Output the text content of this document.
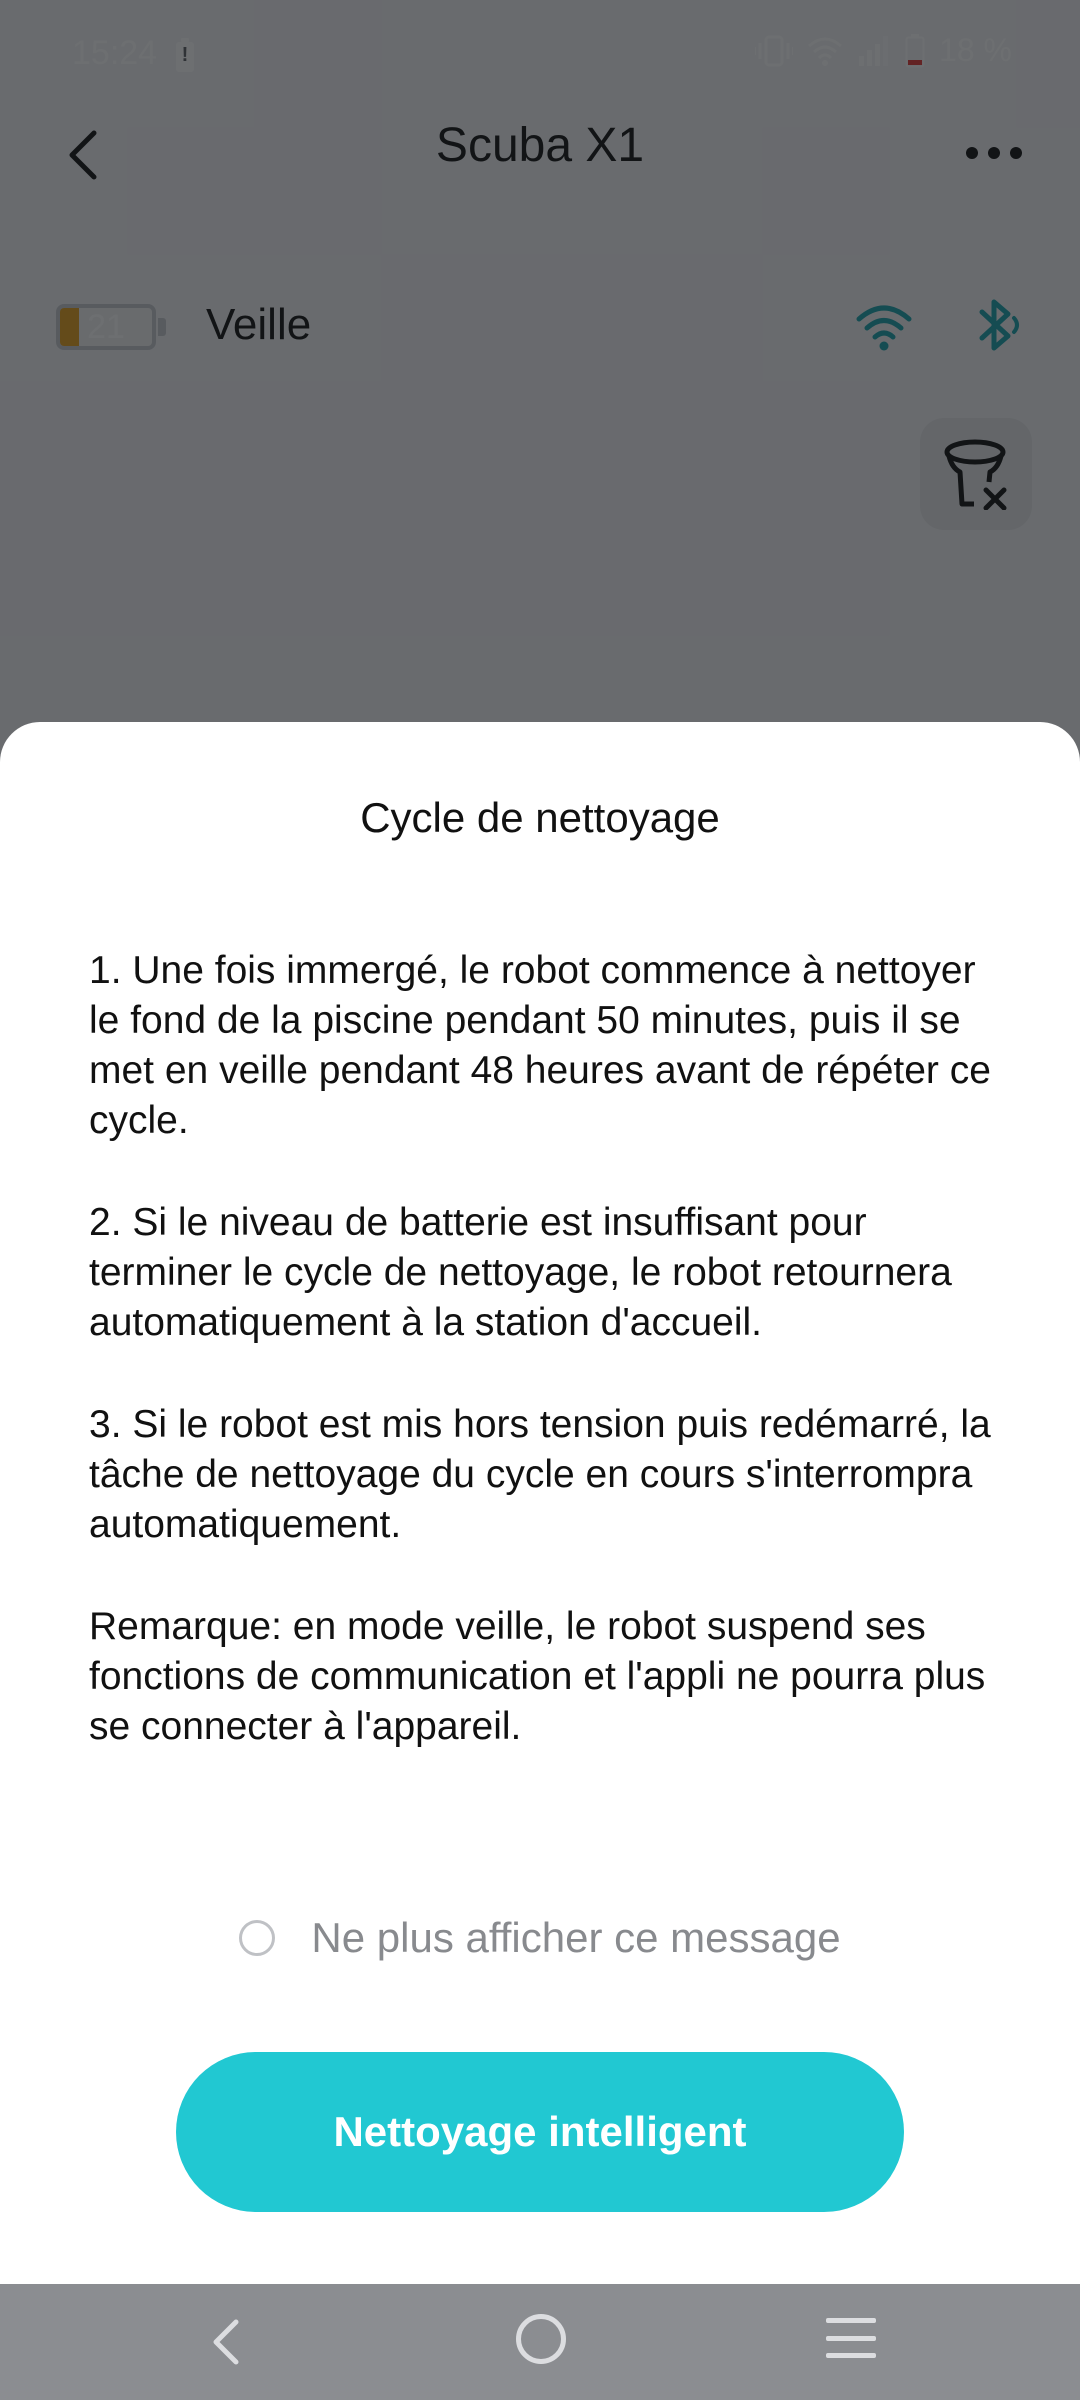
!
Cycle de nettoyage

1. Une fois immergé, le robot commence à nettoyer le fond de la piscine pendant 50 minutes, puis il se met en veille pendant 48 heures avant de répéter ce cycle.

2. Si le niveau de batterie est insuffisant pour terminer le cycle de nettoyage, le robot retournera automatiquement à la station d'accueil.

3. Si le robot est mis hors tension puis redémarré, la tâche de nettoyage du cycle en cours s'interrompra automatiquement.

Remarque: en mode veille, le robot suspend ses fonctions de communication et l'appli ne pourra plus se connecter à l'appareil.

Ne plus afficher ce message
Nettoyage intelligent
